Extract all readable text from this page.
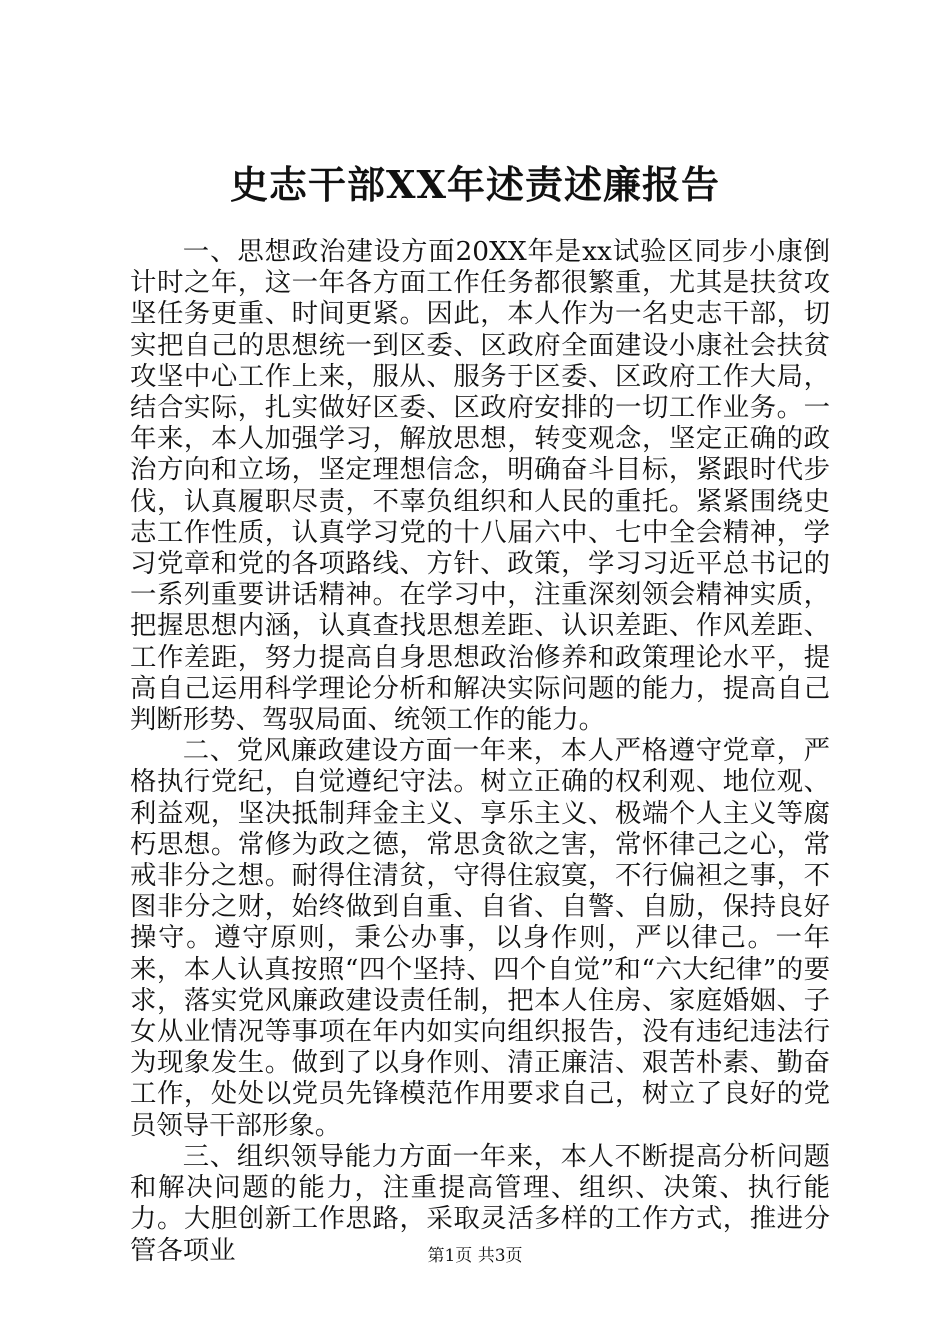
史志干部XX年述责述廉报告

一、思想政治建设方面20XX年是xx试验区同步小康倒计时之年，这一年各方面工作任务都很繁重，尤其是扶贫攻坚任务更重、时间更紧。因此，本人作为一名史志干部，切实把自己的思想统一到区委、区政府全面建设小康社会扶贫攻坚中心工作上来，服从、服务于区委、区政府工作大局，结合实际，扎实做好区委、区政府安排的一切工作业务。一年来，本人加强学习，解放思想，转变观念，坚定正确的政治方向和立场，坚定理想信念，明确奋斗目标，紧跟时代步伐，认真履职尽责，不辜负组织和人民的重托。紧紧围绕史志工作性质，认真学习党的十八届六中、七中全会精神，学习党章和党的各项路线、方针、政策，学习习近平总书记的一系列重要讲话精神。在学习中，注重深刻领会精神实质，把握思想内涵，认真查找思想差距、认识差距、作风差距、工作差距，努力提高自身思想政治修养和政策理论水平，提高自己运用科学理论分析和解决实际问题的能力，提高自己判断形势、驾驭局面、统领工作的能力。

二、党风廉政建设方面一年来，本人严格遵守党章，严格执行党纪，自觉遵纪守法。树立正确的权利观、地位观、利益观，坚决抵制拜金主义、享乐主义、极端个人主义等腐朽思想。常修为政之德，常思贪欲之害，常怀律己之心，常戒非分之想。耐得住清贫，守得住寂寞，不行偏袒之事，不图非分之财，始终做到自重、自省、自警、自励，保持良好操守。遵守原则，秉公办事，以身作则，严以律己。一年来，本人认真按照“四个坚持、四个自觉”和“六大纪律”的要求，落实党风廉政建设责任制，把本人住房、家庭婚姻、子女从业情况等事项在年内如实向组织报告，没有违纪违法行为现象发生。做到了以身作则、清正廉洁、艰苦朴素、勤奋工作，处处以党员先锋模范作用要求自己，树立了良好的党员领导干部形象。

三、组织领导能力方面一年来，本人不断提高分析问题和解决问题的能力，注重提高管理、组织、决策、执行能力。大胆创新工作思路，采取灵活多样的工作方式，推进分管各项业	第1页 共3页
